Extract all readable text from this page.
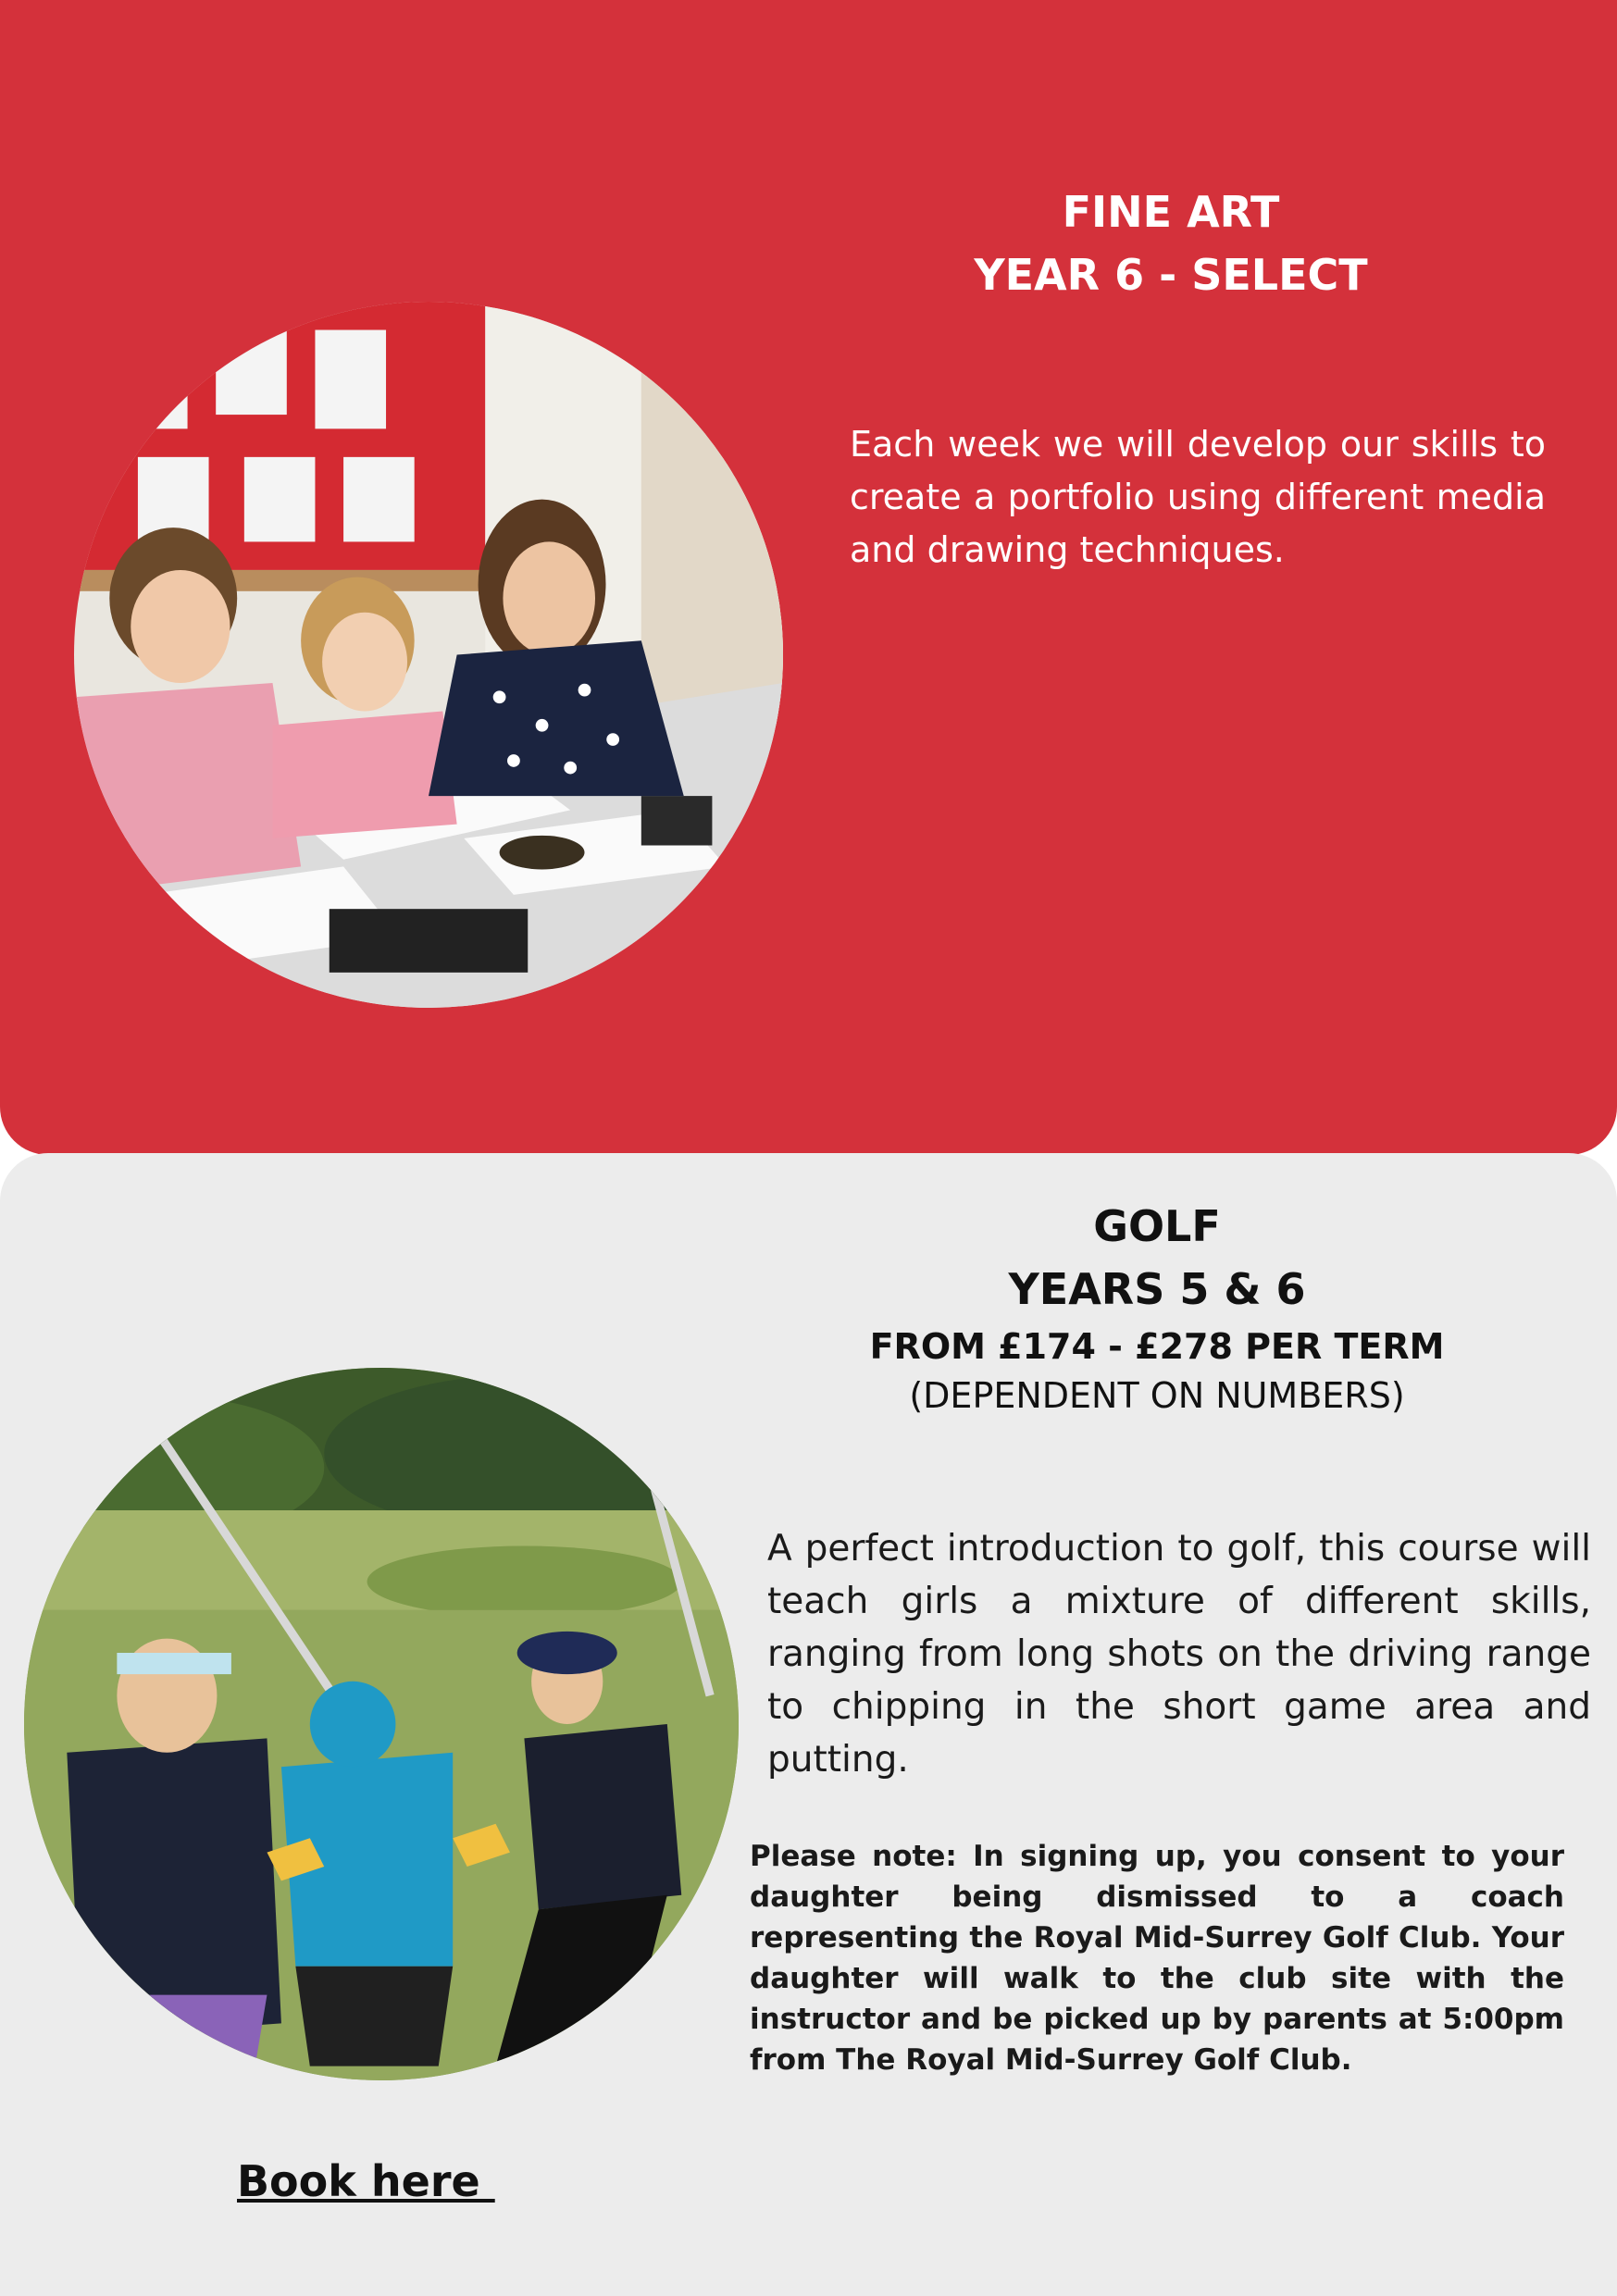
FINE ART
YEAR 6 - SELECT

Each week we will develop our skills to create a portfolio using different media and drawing techniques.

GOLF
YEARS 5 & 6
FROM £174 - £278 PER TERM
(DEPENDENT ON NUMBERS)

A perfect introduction to golf, this course will teach girls a mixture of different skills, ranging from long shots on the driving range to chipping in the short game area and putting.

Please note: In signing up, you consent to your daughter being dismissed to a coach representing the Royal Mid-Surrey Golf Club. Your daughter will walk to the club site with the instructor and be picked up by parents at 5:00pm from The Royal Mid-Surrey Golf Club.

Book here
